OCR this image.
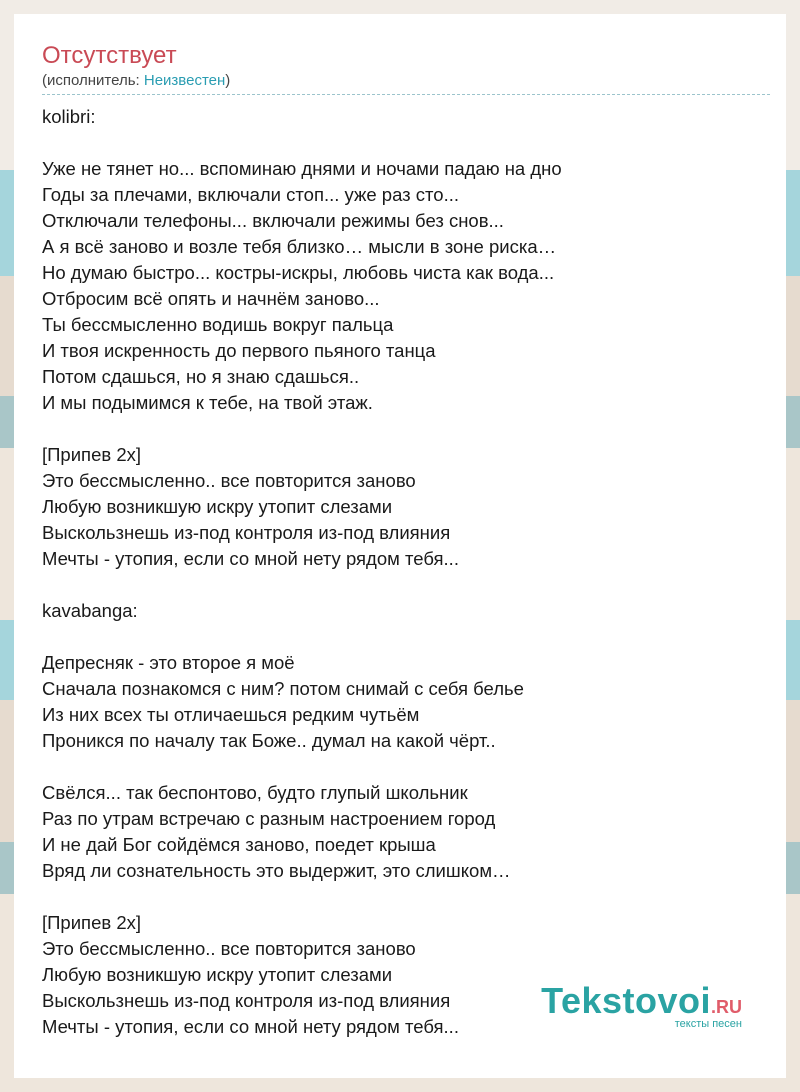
Отсутствует
(исполнитель: Неизвестен)
kolibri:
Уже не тянет но... вспоминаю днями и ночами падаю на дно
Годы за плечами, включали стоп... уже раз сто...
Отключали телефоны... включали режимы без снов...
А я всё заново и возле тебя близко… мысли в зоне риска…
Но думаю быстро... костры-искры, любовь чиста как вода...
Отбросим всё опять и начнём заново...
Ты бессмысленно водишь вокруг пальца
И твоя искренность до первого пьяного танца
Потом сдашься, но я знаю сдашься..
И мы подымимся к тебе, на твой этаж.
[Припев 2х]
Это бессмысленно.. все повторится заново
Любую возникшую искру утопит слезами
Выскользнешь из-под контроля из-под влияния
Мечты - утопия, если со мной нету рядом тебя...
kavabanga:
Депресняк - это второе я моё
Сначала познакомся с ним? потом снимай с себя белье
Из них всех ты отличаешься редким чутьём
Проникся по началу так Боже.. думал на какой чёрт..
Свёлся... так беспонтово, будто глупый школьник
Раз по утрам встречаю с разным настроением город
И не дай Бог сойдёмся заново, поедет крыша
Вряд ли сознательность это выдержит, это слишком…
[Припев 2х]
Это бессмысленно.. все повторится заново
Любую возникшую искру утопит слезами
Выскользнешь из-под контроля из-под влияния
Мечты - утопия, если со мной нету рядом тебя...
Tekstovoi.RU
тексты песен
